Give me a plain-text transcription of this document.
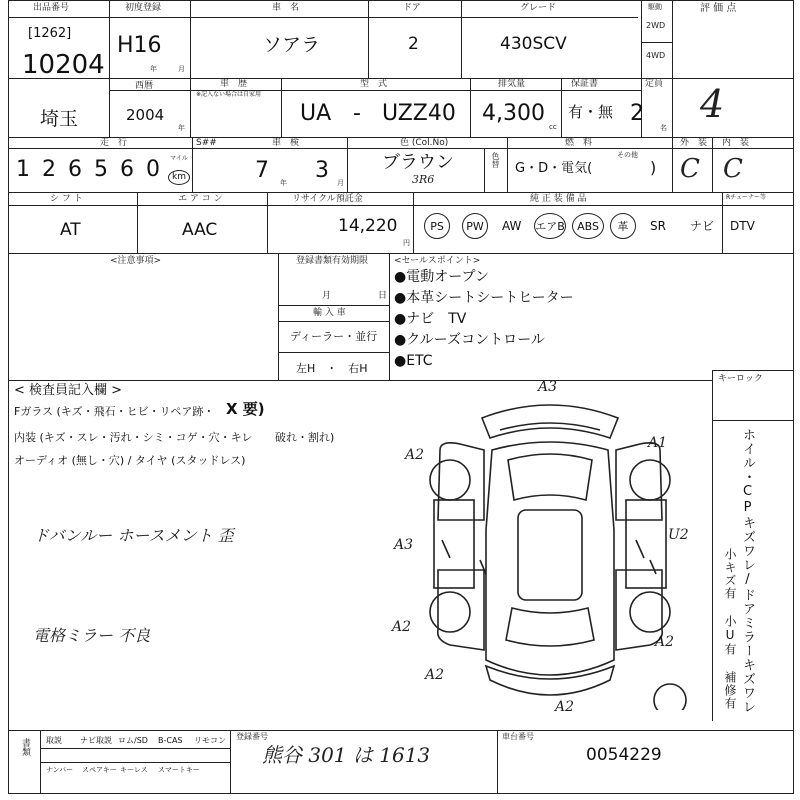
出品番号
[1262]
10204
初度登録
H16
年	月
車　名
ソアラ
ドア
2
グレード
430SCV
駆動
2WD
4WD
評 価 点
4
埼玉
西暦
2004
年
車　歴
※記入ない場合は自家用
型　式
UA - UZZ40
排気量
4,300
cc
保証書
有・無
定員
2
名
走　行
1 2 6 5 6 0 マイル
km
S##	車　検
7 年 3 月
色 (Col.No)
ブラウン
3R6
色替
燃　料
G・D・電気(
その他
)
外　装
C
内　装
C
シ フ ト
AT
エ ア コ ン
AAC
リサイクル預託金
14,220
円
純 正 装 備 品	Rチューナー等
PS	PW	AW エアB	ABS	革	SR ナビ DTV
<注意事項>	登録書類有効期限
月	日
輸 入 車
ディーラー・並行
左H　・　右H
<セールスポイント>
●電動オープン
●本革シートシートヒーター
●ナビ　TV
●クルーズコントロール
●ETC
< 検査員記入欄 >
Fガラス (キズ・飛石・ヒビ・リペア跡・ X 要)
内装 (キズ・スレ・汚れ・シミ・コゲ・穴・キレ 破れ・割れ)
オーディオ (無し・穴) / タイヤ (スタッドレス)
ドバンルー ホースメント 歪
電格ミラー 不良
キーロック
ホイル・CPキズワレ/ドアミラーキズワレ
小キズ有 小U有 補修有
A3
A2
A1
A3
U2
A2
A2
A2
A2
書類 取説 ナビ取説 ロム/SD B-CAS リモコン
ナンバー スペアキー キーレス スマートキー
登録番号
熊谷 301 は 1613
車台番号
0054229
